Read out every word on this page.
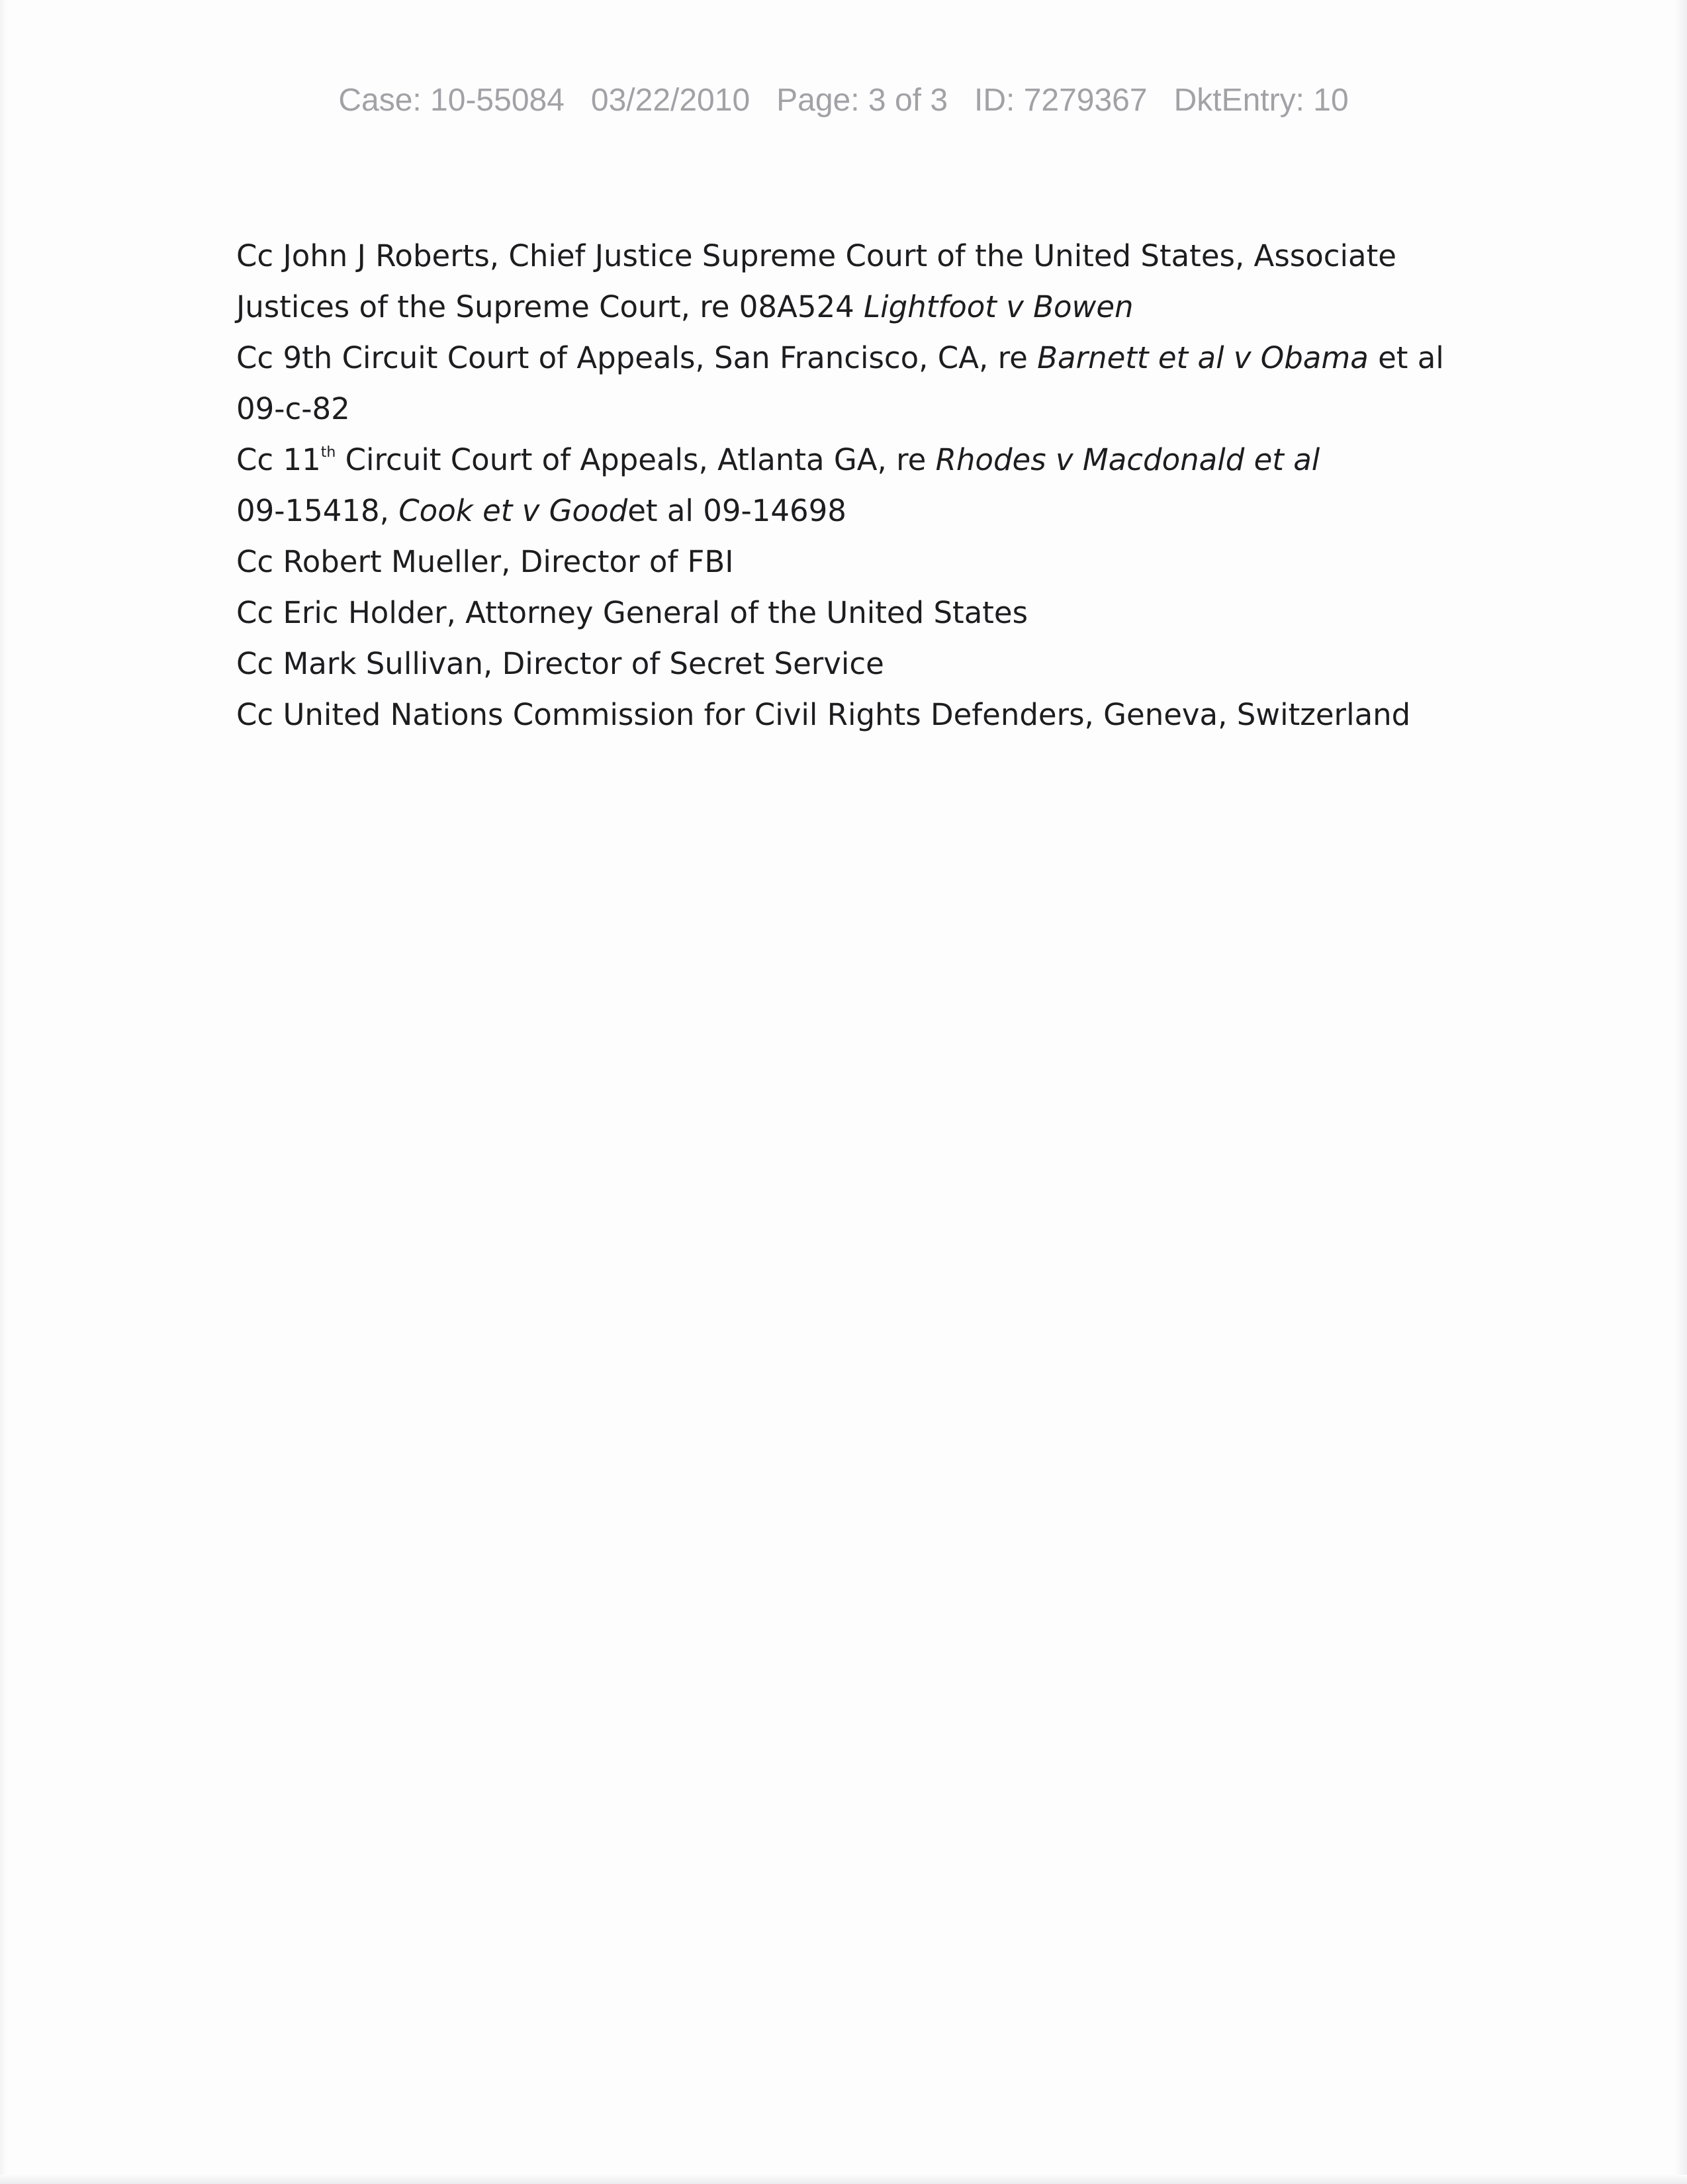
Case: 10-55084 03/22/2010 Page: 3 of 3 ID: 7279367 DktEntry: 10
Cc John J Roberts, Chief Justice Supreme Court of the United States, Associate
Justices of the Supreme Court, re 08A524 Lightfoot v Bowen
Cc 9th Circuit Court of Appeals, San Francisco, CA, re Barnett et al v Obama et al
09-c-82
Cc 11th Circuit Court of Appeals, Atlanta GA, re Rhodes v Macdonald et al
09-15418, Cook et v Goodet al 09-14698
Cc Robert Mueller, Director of FBI
Cc Eric Holder, Attorney General of the United States
Cc Mark Sullivan, Director of Secret Service
Cc United Nations Commission for Civil Rights Defenders, Geneva, Switzerland
